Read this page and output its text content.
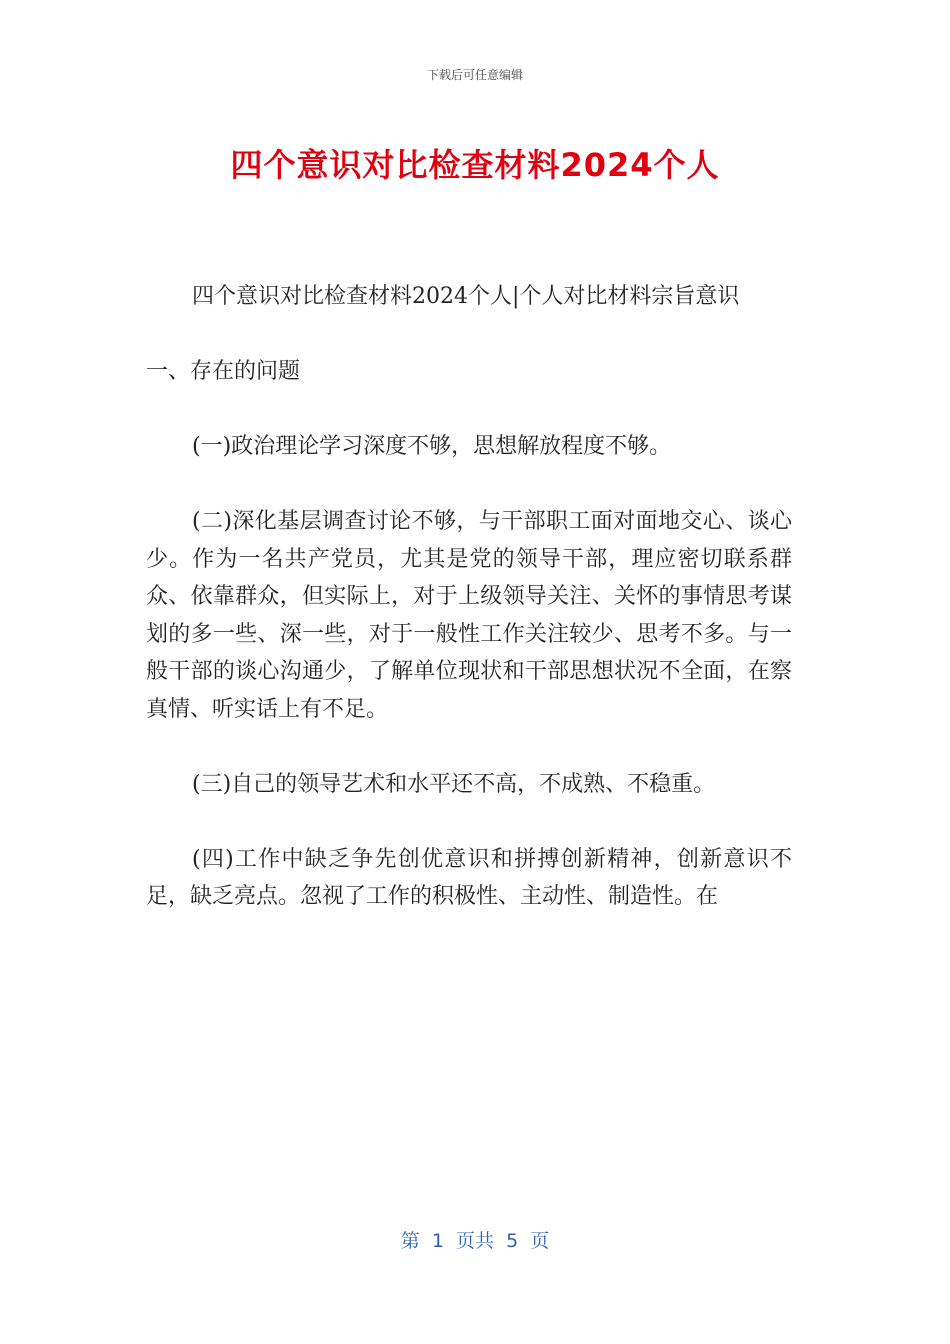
下载后可任意编辑
四个意识对比检查材料2024个人

四个意识对比检查材料2024个人|个人对比材料宗旨意识

一、存在的问题

(一)政治理论学习深度不够，思想解放程度不够。

(二)深化基层调查讨论不够，与干部职工面对面地交心、谈心少。作为一名共产党员，尤其是党的领导干部，理应密切联系群众、依靠群众，但实际上，对于上级领导关注、关怀的事情思考谋划的多一些、深一些，对于一般性工作关注较少、思考不多。与一般干部的谈心沟通少，了解单位现状和干部思想状况不全面，在察真情、听实话上有不足。

(三)自己的领导艺术和水平还不高，不成熟、不稳重。

(四)工作中缺乏争先创优意识和拼搏创新精神，创新意识不足，缺乏亮点。忽视了工作的积极性、主动性、制造性。在

第  1  页共  5  页
